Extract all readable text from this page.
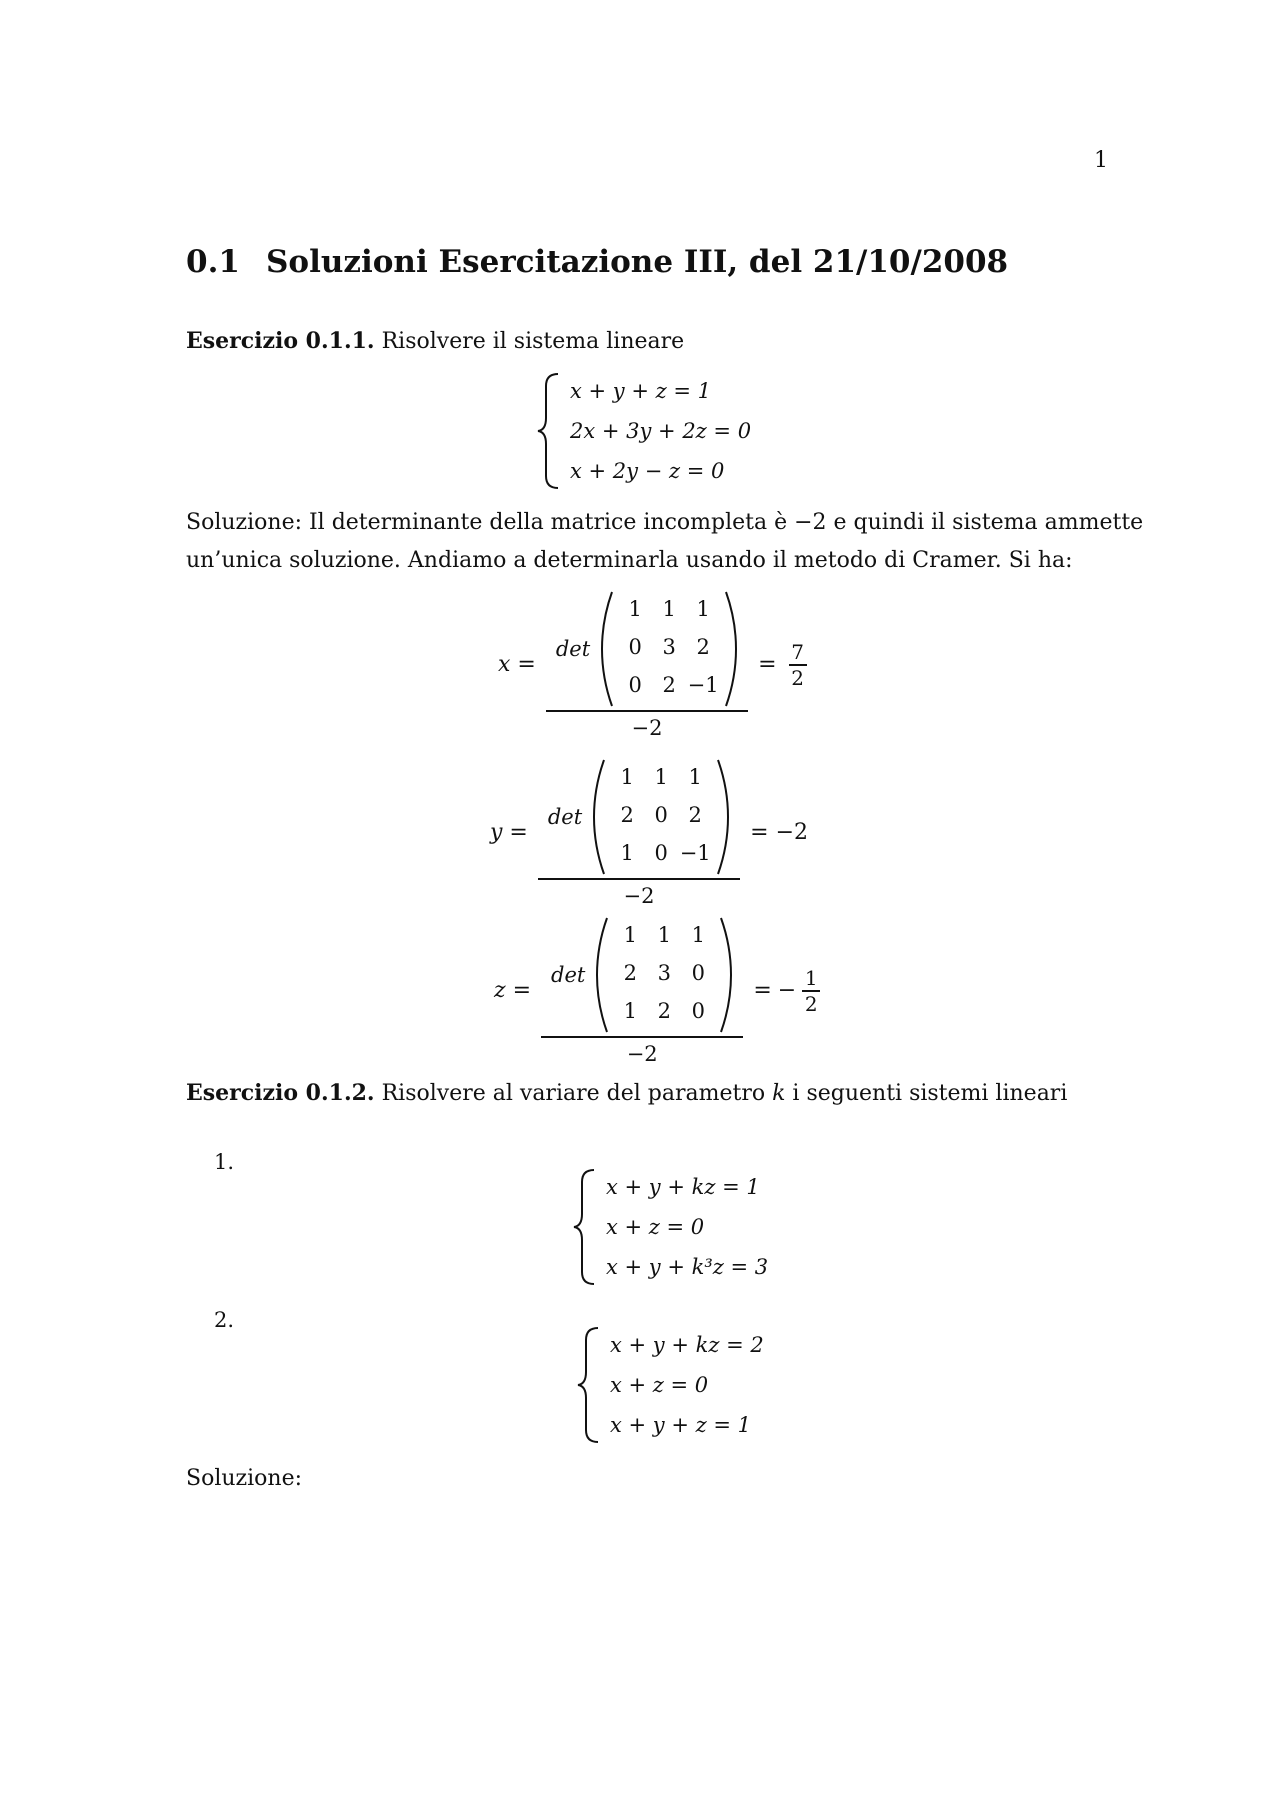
1
0.1 Soluzioni Esercitazione III, del 21/10/2008
Esercizio 0.1.1. Risolvere il sistema lineare
x + y + z = 1
2x + 3y + 2z = 0
x + 2y − z = 0
Soluzione: Il determinante della matrice incompleta è −2 e quindi il sistema ammette
un’unica soluzione. Andiamo a determinarla usando il metodo di Cramer. Si ha:
x =
det
1 1 1
0 3 2
0 2 −1
−2
= $\frac{7}{2}$
y =
det
1 1 1
2 0 2
1 0 −1
−2
= −2
z =
det
1 1 1
2 3 0
1 2 0
−2
= − $\frac{1}{2}$
Esercizio 0.1.2. Risolvere al variare del parametro k i seguenti sistemi lineari
1.
x + y + kz = 1
x + z = 0
x + y + k³z = 3
2.
x + y + kz = 2
x + z = 0
x + y + z = 1
Soluzione:
